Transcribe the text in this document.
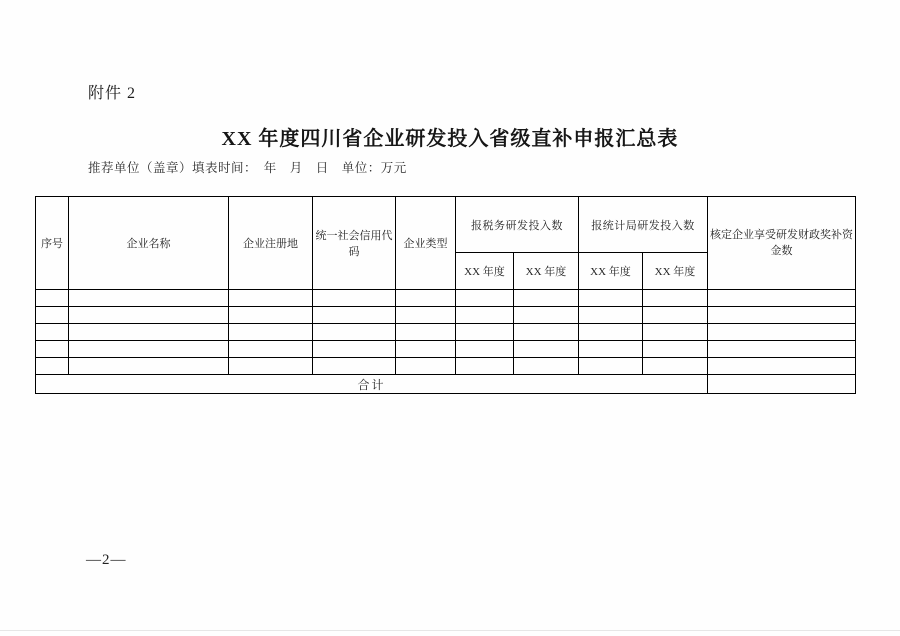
附件 2
XX 年度四川省企业研发投入省级直补申报汇总表
推荐单位（盖章）填表时间：　年　月　日　单位：万元
序号	企业名称	企业注册地	统一社会信用代码	企业类型	报税务研发投入数		报统计局研发投入数		核定企业享受研发财政奖补资金数
					XX 年度	XX 年度	XX 年度	XX 年度	

合计									
—2—
